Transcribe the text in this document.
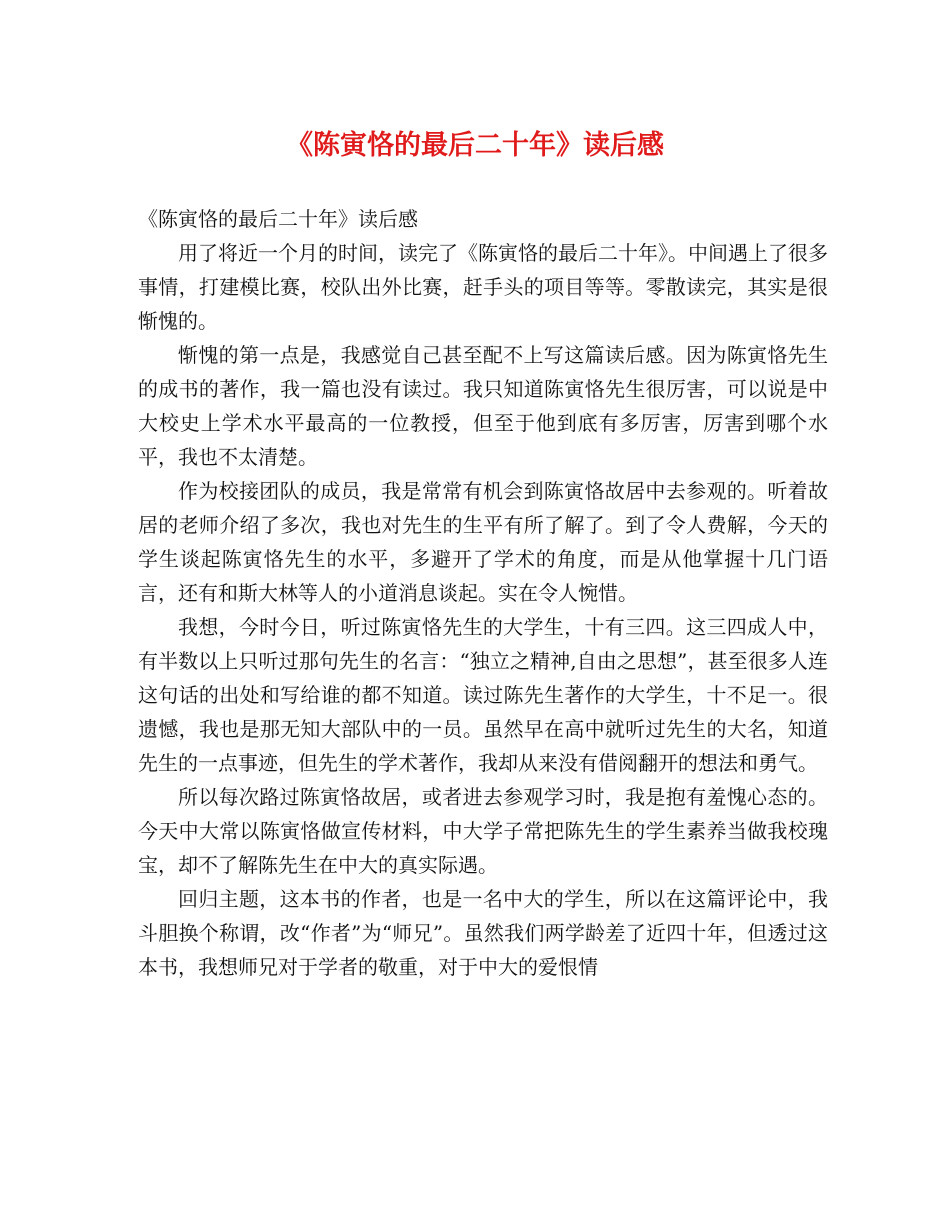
《陈寅恪的最后二十年》读后感

《陈寅恪的最后二十年》读后感

用了将近一个月的时间，读完了《陈寅恪的最后二十年》。中间遇上了很多事情，打建模比赛，校队出外比赛，赶手头的项目等等。零散读完，其实是很惭愧的。

惭愧的第一点是，我感觉自己甚至配不上写这篇读后感。因为陈寅恪先生的成书的著作，我一篇也没有读过。我只知道陈寅恪先生很厉害，可以说是中大校史上学术水平最高的一位教授，但至于他到底有多厉害，厉害到哪个水平，我也不太清楚。

作为校接团队的成员，我是常常有机会到陈寅恪故居中去参观的。听着故居的老师介绍了多次，我也对先生的生平有所了解了。到了令人费解，今天的学生谈起陈寅恪先生的水平，多避开了学术的角度，而是从他掌握十几门语言，还有和斯大林等人的小道消息谈起。实在令人惋惜。

我想，今时今日，听过陈寅恪先生的大学生，十有三四。这三四成人中，有半数以上只听过那句先生的名言：“独立之精神,自由之思想”，甚至很多人连这句话的出处和写给谁的都不知道。读过陈先生著作的大学生，十不足一。很遗憾，我也是那无知大部队中的一员。虽然早在高中就听过先生的大名，知道先生的一点事迹，但先生的学术著作，我却从来没有借阅翻开的想法和勇气。

所以每次路过陈寅恪故居，或者进去参观学习时，我是抱有羞愧心态的。今天中大常以陈寅恪做宣传材料，中大学子常把陈先生的学生素养当做我校瑰宝，却不了解陈先生在中大的真实际遇。

回归主题，这本书的作者，也是一名中大的学生，所以在这篇评论中，我斗胆换个称谓，改“作者”为“师兄”。虽然我们两学龄差了近四十年，但透过这本书，我想师兄对于学者的敬重，对于中大的爱恨情
